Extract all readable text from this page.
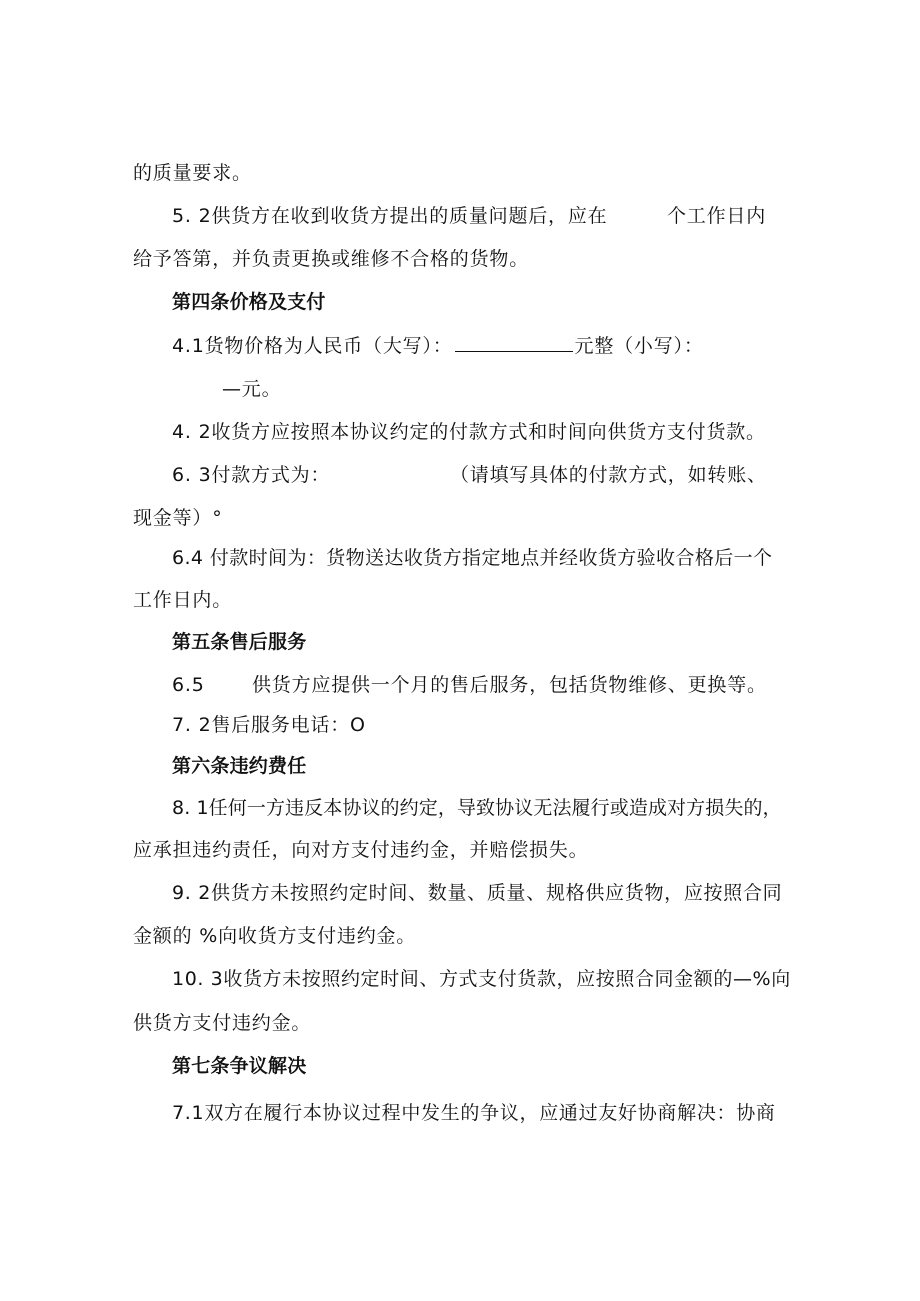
的质量要求。
5. 2供货方在收到收货方提出的质量问题后，应在	个工作日内
给予答第，并负责更换或维修不合格的货物。
第四条价格及支付
4.1货物价格为人民币（大写）：	元整（小写）：
—元。
4. 2收货方应按照本协议约定的付款方式和时间向供货方支付货款。
6. 3付款方式为：	（请填写具体的付款方式，如转账、
现金等）°
6.4 付款时间为：货物送达收货方指定地点并经收货方验收合格后一个
工作日内。
第五条售后服务
6.5 供货方应提供一个月的售后服务，包括货物维修、更换等。
7. 2售后服务电话：O
第六条违约费任
8. 1任何一方违反本协议的约定，导致协议无法履行或造成对方损失的，
应承担违约责任，向对方支付违约金，并赔偿损失。
9. 2供货方未按照约定时间、数量、质量、规格供应货物，应按照合同
金额的 %向收货方支付违约金。
10. 3收货方未按照约定时间、方式支付货款，应按照合同金额的—%向
供货方支付违约金。
第七条争议解决
7.1双方在履行本协议过程中发生的争议，应通过友好协商解决：协商
